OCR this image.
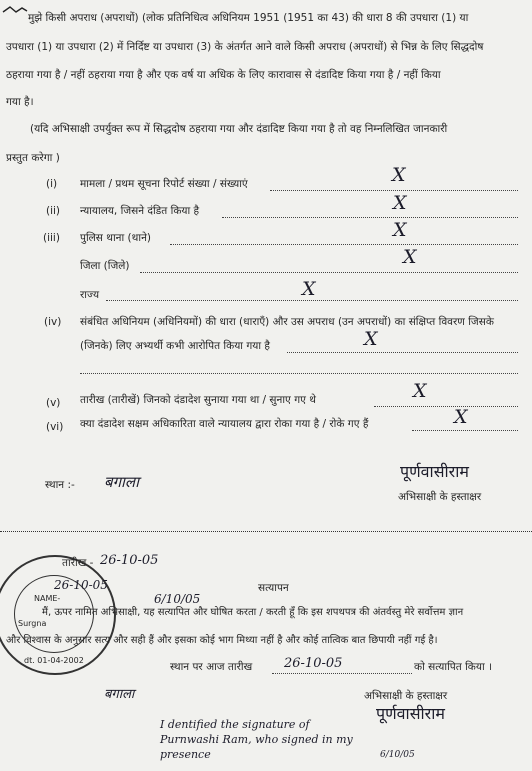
मुझे किसी अपराध (अपराधों) (लोक प्रतिनिधित्व अधिनियम 1951 (1951 का 43) की धारा 8 की उपधारा (1) या
उपधारा (1) या उपधारा (2) में निर्दिष्ट या उपधारा (3) के अंतर्गत आने वाले किसी अपराध (अपराधों) से भिन्न के लिए सिद्धदोष
ठहराया गया है / नहीं ठहराया गया है और एक वर्ष या अधिक के लिए कारावास से दंडादिष्ट किया गया है / नहीं किया
गया है।
(यदि अभिसाक्षी उपर्युक्त रूप में सिद्धदोष ठहराया गया और दंडादिष्ट किया गया है तो वह निम्नलिखित जानकारी
प्रस्तुत करेगा )
(i) मामला / प्रथम सूचना रिपोर्ट संख्या / संख्याएं	X
(ii) न्यायालय, जिसने दंडित किया है	X
(iii) पुलिस थाना (थाने)	X
जिला (जिले)	X
राज्य	X
(iv) संबंधित अधिनियम (अधिनियमों) की धारा (धाराएँ) और उस अपराध (उन अपराधों) का संक्षिप्त विवरण जिसके
(जिनके) लिए अभ्यर्थी कभी आरोपित किया गया है	X
(v) तारीख (तारीखें) जिनको दंडादेश सुनाया गया था / सुनाए गए थे	X
(vi) क्या दंडादेश सक्षम अधिकारिता वाले न्यायालय द्वारा रोका गया है / रोके गए हैं	X
स्थान :- बगाला
पूर्णवासीराम
अभिसाक्षी के हस्ताक्षर
NAME-
Surgna
dt. 01-04-2002
6/10/05
26-10-05
तारीख - 26-10-05
सत्यापन
मैं, ऊपर नामित अभिसाक्षी, यह सत्यापित और घोषित करता / करती हूँ कि इस शपथपत्र की अंतर्वस्तु मेरे सर्वोत्तम ज्ञान
और विश्वास के अनुसार सत्य और सही हैं और इसका कोई भाग मिथ्या नहीं है और कोई तात्विक बात छिपायी नहीं गई है।
स्थान पर आज तारीख 26-10-05	को सत्यापित किया ।
बगाला	अभिसाक्षी के हस्ताक्षर
पूर्णवासीराम
I dentified the signature of
Purnwashi Ram, who signed in my
presence	6/10/05
